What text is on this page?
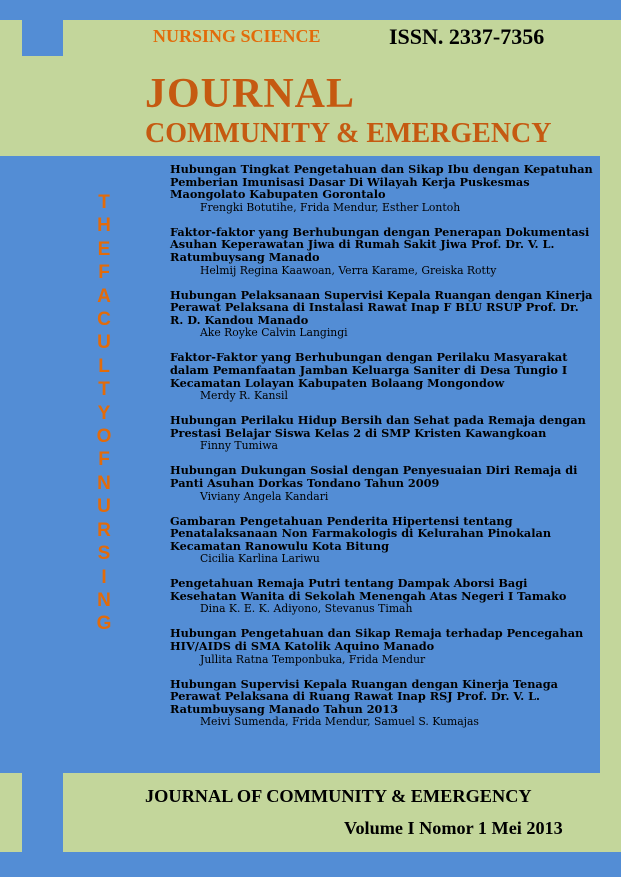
NURSING SCIENCE	ISSN. 2337-7356
JOURNAL
COMMUNITY & EMERGENCY
T
H
E
F
A
C
U
L
T
Y
O
F
N
U
R
S
I
N
G

Hubungan Tingkat Pengetahuan dan Sikap Ibu dengan Kepatuhan Pemberian Imunisasi Dasar Di Wilayah Kerja Puskesmas Maongolato Kabupaten Gorontalo

Frengki Botutihe, Frida Mendur, Esther Lontoh

Faktor-faktor yang Berhubungan dengan Penerapan Dokumentasi Asuhan Keperawatan Jiwa di Rumah Sakit Jiwa Prof. Dr. V. L. Ratumbuysang Manado

Helmij Regina Kaawoan, Verra Karame, Greiska Rotty

Hubungan Pelaksanaan Supervisi Kepala Ruangan dengan Kinerja Perawat Pelaksana di Instalasi Rawat Inap F BLU RSUP Prof. Dr. R. D. Kandou Manado

Ake Royke Calvin Langingi

Faktor-Faktor yang Berhubungan dengan Perilaku Masyarakat dalam Pemanfaatan Jamban Keluarga Saniter di Desa Tungio I Kecamatan Lolayan Kabupaten Bolaang Mongondow

Merdy R. Kansil

Hubungan Perilaku Hidup Bersih dan Sehat pada Remaja dengan Prestasi Belajar Siswa Kelas 2 di SMP Kristen Kawangkoan

Finny Tumiwa

Hubungan Dukungan Sosial dengan Penyesuaian Diri Remaja di Panti Asuhan Dorkas Tondano Tahun 2009

Viviany Angela Kandari

Gambaran Pengetahuan Penderita Hipertensi tentang Penatalaksanaan Non Farmakologis di Kelurahan Pinokalan Kecamatan Ranowulu Kota Bitung

Cicilia Karlina Lariwu

Pengetahuan Remaja Putri tentang Dampak Aborsi Bagi Kesehatan Wanita di Sekolah Menengah Atas Negeri I Tamako

Dina K. E. K. Adiyono, Stevanus Timah

Hubungan Pengetahuan dan Sikap Remaja terhadap Pencegahan HIV/AIDS di SMA Katolik Aquino Manado

Jullita Ratna Temponbuka, Frida Mendur

Hubungan Supervisi Kepala Ruangan dengan Kinerja Tenaga Perawat Pelaksana di Ruang Rawat Inap RSJ Prof. Dr. V. L. Ratumbuysang Manado Tahun 2013

Meivi Sumenda, Frida Mendur, Samuel S. Kumajas

JOURNAL OF COMMUNITY & EMERGENCY
Volume I Nomor 1 Mei 2013
